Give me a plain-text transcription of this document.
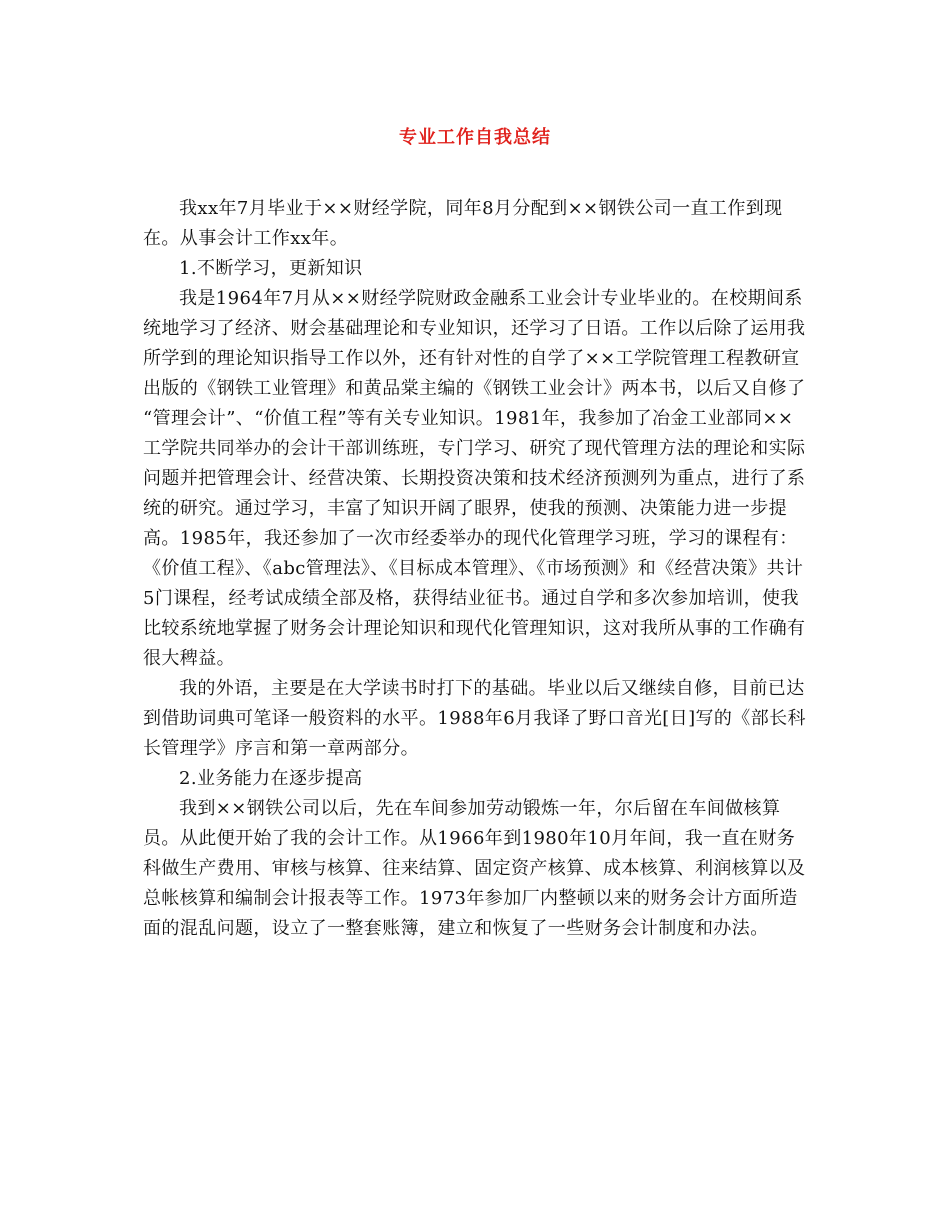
专业工作自我总结

我xx年7月毕业于××财经学院，同年8月分配到××钢铁公司一直工作到现在。从事会计工作xx年。

1.不断学习，更新知识

我是1964年7月从××财经学院财政金融系工业会计专业毕业的。在校期间系统地学习了经济、财会基础理论和专业知识，还学习了日语。工作以后除了运用我所学到的理论知识指导工作以外，还有针对性的自学了××工学院管理工程教研宣出版的《钢铁工业管理》和黄品棠主编的《钢铁工业会计》两本书，以后又自修了 “管理会计”、“价值工程”等有关专业知识。1981年，我参加了冶金工业部同××工学院共同举办的会计干部训练班，专门学习、研究了现代管理方法的理论和实际问题并把管理会计、经营决策、长期投资决策和技术经济预测列为重点，进行了系统的研究。通过学习，丰富了知识开阔了眼界，使我的预测、决策能力进一步提高。1985年，我还参加了一次市经委举办的现代化管理学习班，学习的课程有：《价值工程》、《abc管理法》、《目标成本管理》、《市场预测》和《经营决策》共计5门课程，经考试成绩全部及格，获得结业征书。通过自学和多次参加培训，使我比较系统地掌握了财务会计理论知识和现代化管理知识，这对我所从事的工作确有很大稗益。

我的外语，主要是在大学读书时打下的基础。毕业以后又继续自修，目前已达到借助词典可笔译一般资料的水平。1988年6月我译了野口音光[日]写的《部长科长管理学》序言和第一章两部分。

2.业务能力在逐步提高

我到××钢铁公司以后，先在车间参加劳动锻炼一年，尔后留在车间做核算员。从此便开始了我的会计工作。从1966年到1980年10月年间，我一直在财务科做生产费用、审核与核算、往来结算、固定资产核算、成本核算、利润核算以及总帐核算和编制会计报表等工作。1973年参加厂内整顿以来的财务会计方面所造面的混乱问题，设立了一整套账簿，建立和恢复了一些财务会计制度和办法。
